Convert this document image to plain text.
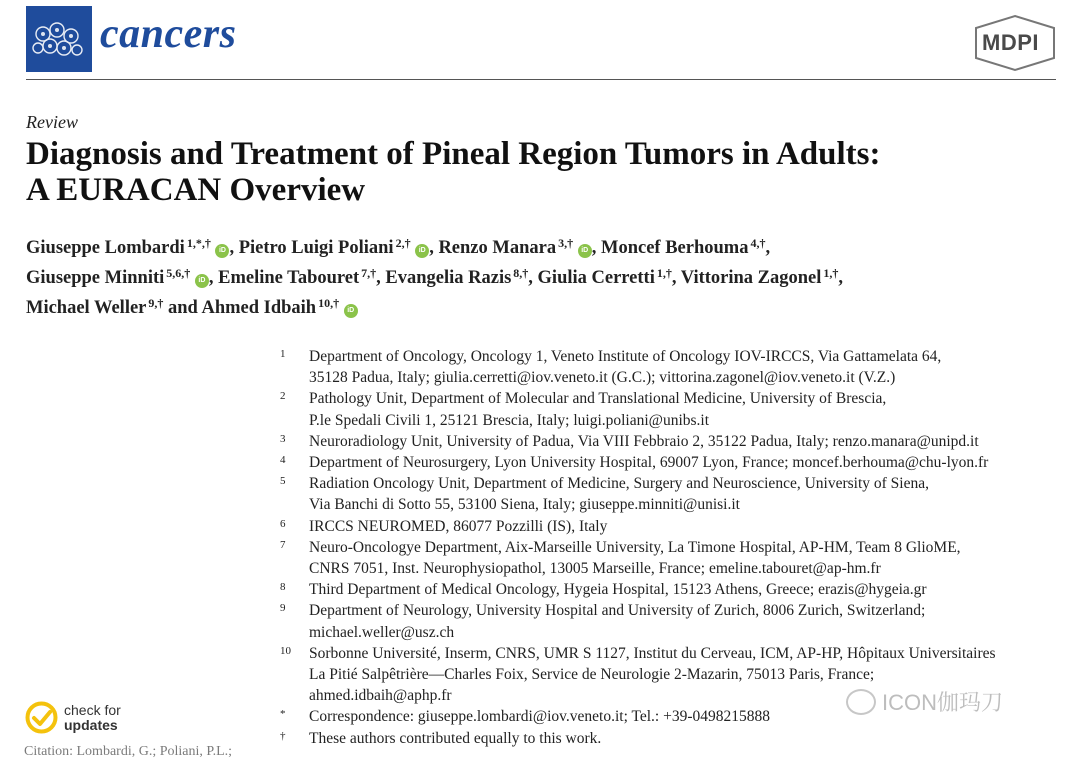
cancers	MDPI
Review
Diagnosis and Treatment of Pineal Region Tumors in Adults:
A EURACAN Overview
Giuseppe Lombardi $^{1,*,\dagger}$ iD , Pietro Luigi Poliani $^{2,\dagger}$ iD , Renzo Manara $^{3,\dagger}$ iD , Moncef Berhouma $^{4,\dagger}$,
Giuseppe Minniti $^{5,6,\dagger}$ iD , Emeline Tabouret $^{7,\dagger}$, Evangelia Razis $^{8,\dagger}$, Giulia Cerretti $^{1,\dagger}$, Vittorina Zagonel $^{1,\dagger}$,
Michael Weller $^{9,\dagger}$ and Ahmed Idbaih $^{10,\dagger}$ iD
1	Department of Oncology, Oncology 1, Veneto Institute of Oncology IOV-IRCCS, Via Gattamelata 64,
35128 Padua, Italy; giulia.cerretti@iov.veneto.it (G.C.); vittorina.zagonel@iov.veneto.it (V.Z.)
2	Pathology Unit, Department of Molecular and Translational Medicine, University of Brescia,
P.le Spedali Civili 1, 25121 Brescia, Italy; luigi.poliani@unibs.it
3	Neuroradiology Unit, University of Padua, Via VIII Febbraio 2, 35122 Padua, Italy; renzo.manara@unipd.it
4	Department of Neurosurgery, Lyon University Hospital, 69007 Lyon, France; moncef.berhouma@chu-lyon.fr
5	Radiation Oncology Unit, Department of Medicine, Surgery and Neuroscience, University of Siena,
Via Banchi di Sotto 55, 53100 Siena, Italy; giuseppe.minniti@unisi.it
6	IRCCS NEUROMED, 86077 Pozzilli (IS), Italy
7	Neuro-Oncologye Department, Aix-Marseille University, La Timone Hospital, AP-HM, Team 8 GlioME,
CNRS 7051, Inst. Neurophysiopathol, 13005 Marseille, France; emeline.tabouret@ap-hm.fr
8	Third Department of Medical Oncology, Hygeia Hospital, 15123 Athens, Greece; erazis@hygeia.gr
9	Department of Neurology, University Hospital and University of Zurich, 8006 Zurich, Switzerland;
michael.weller@usz.ch
10	Sorbonne Université, Inserm, CNRS, UMR S 1127, Institut du Cerveau, ICM, AP-HP, Hôpitaux Universitaires
La Pitié Salpêtrière—Charles Foix, Service de Neurologie 2-Mazarin, 75013 Paris, France;
ahmed.idbaih@aphp.fr
*	Correspondence: giuseppe.lombardi@iov.veneto.it; Tel.: +39-0498215888
†	These authors contributed equally to this work.
check for
updates
ICON伽玛刀
Citation: Lombardi, G.; Poliani, P.L.;
